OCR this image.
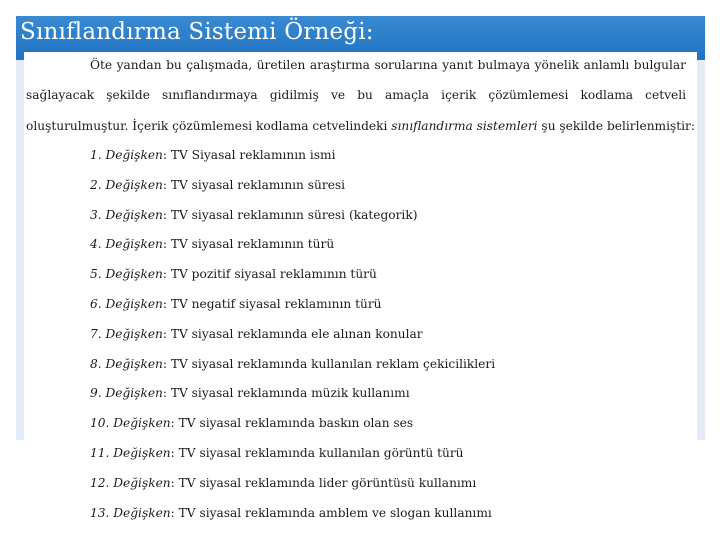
Sınıflandırma Sistemi Örneği:
Öte yandan bu çalışmada, üretilen araştırma sorularına yanıt bulmaya yönelik anlamlı bulgular
sağlayacak şekilde sınıflandırmaya gidilmiş ve bu amaçla içerik çözümlemesi kodlama cetveli
oluşturulmuştur. İçerik çözümlemesi kodlama cetvelindeki sınıflandırma sistemleri şu şekilde belirlenmiştir:
1. Değişken: TV Siyasal reklamının ismi
2. Değişken: TV siyasal reklamının süresi
3. Değişken: TV siyasal reklamının süresi (kategorik)
4. Değişken: TV siyasal reklamının türü
5. Değişken: TV pozitif siyasal reklamının türü
6. Değişken: TV negatif siyasal reklamının türü
7. Değişken: TV siyasal reklamında ele alınan konular
8. Değişken: TV siyasal reklamında kullanılan reklam çekicilikleri
9. Değişken: TV siyasal reklamında müzik kullanımı
10. Değişken: TV siyasal reklamında baskın olan ses
11. Değişken: TV siyasal reklamında kullanılan görüntü türü
12. Değişken: TV siyasal reklamında lider görüntüsü kullanımı
13. Değişken: TV siyasal reklamında amblem ve slogan kullanımı
